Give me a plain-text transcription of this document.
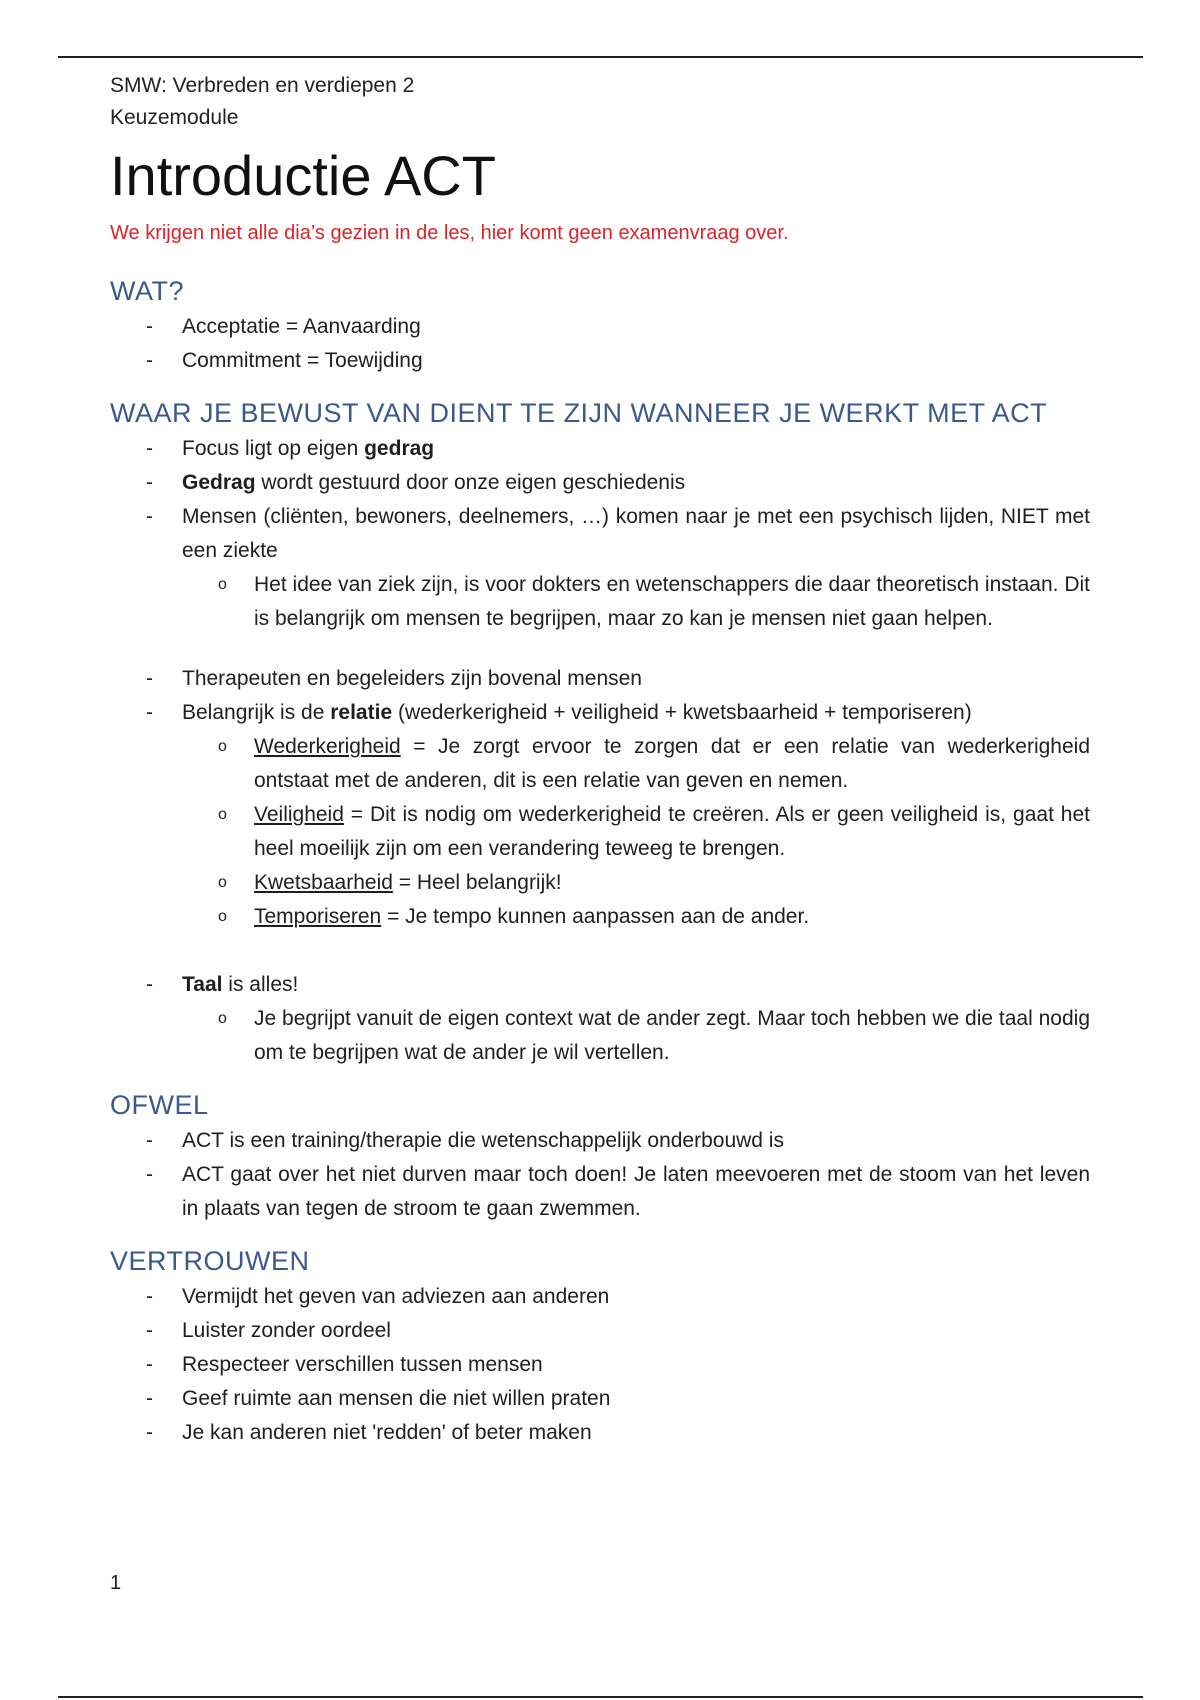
SMW: Verbreden en verdiepen 2
Keuzemodule
Introductie ACT
We krijgen niet alle dia’s gezien in de les, hier komt geen examenvraag over.
WAT?
-	Acceptatie = Aanvaarding
-	Commitment = Toewijding
WAAR JE BEWUST VAN DIENT TE ZIJN WANNEER JE WERKT MET ACT
-	Focus ligt op eigen gedrag
-	Gedrag wordt gestuurd door onze eigen geschiedenis
-	Mensen (cliënten, bewoners, deelnemers, …) komen naar je met een psychisch lijden, NIET met een ziekte
o Het idee van ziek zijn, is voor dokters en wetenschappers die daar theoretisch instaan. Dit is belangrijk om mensen te begrijpen, maar zo kan je mensen niet gaan helpen.
-	Therapeuten en begeleiders zijn bovenal mensen
-	Belangrijk is de relatie (wederkerigheid + veiligheid + kwetsbaarheid + temporiseren)
o Wederkerigheid = Je zorgt ervoor te zorgen dat er een relatie van wederkerigheid ontstaat met de anderen, dit is een relatie van geven en nemen.
o Veiligheid = Dit is nodig om wederkerigheid te creëren. Als er geen veiligheid is, gaat het heel moeilijk zijn om een verandering teweeg te brengen.
o Kwetsbaarheid = Heel belangrijk!
o Temporiseren = Je tempo kunnen aanpassen aan de ander.
-	Taal is alles!
o Je begrijpt vanuit de eigen context wat de ander zegt. Maar toch hebben we die taal nodig om te begrijpen wat de ander je wil vertellen.
OFWEL
-	ACT is een training/therapie die wetenschappelijk onderbouwd is
-	ACT gaat over het niet durven maar toch doen! Je laten meevoeren met de stoom van het leven in plaats van tegen de stroom te gaan zwemmen.
VERTROUWEN
-	Vermijdt het geven van adviezen aan anderen
-	Luister zonder oordeel
-	Respecteer verschillen tussen mensen
-	Geef ruimte aan mensen die niet willen praten
-	Je kan anderen niet 'redden' of beter maken
1
